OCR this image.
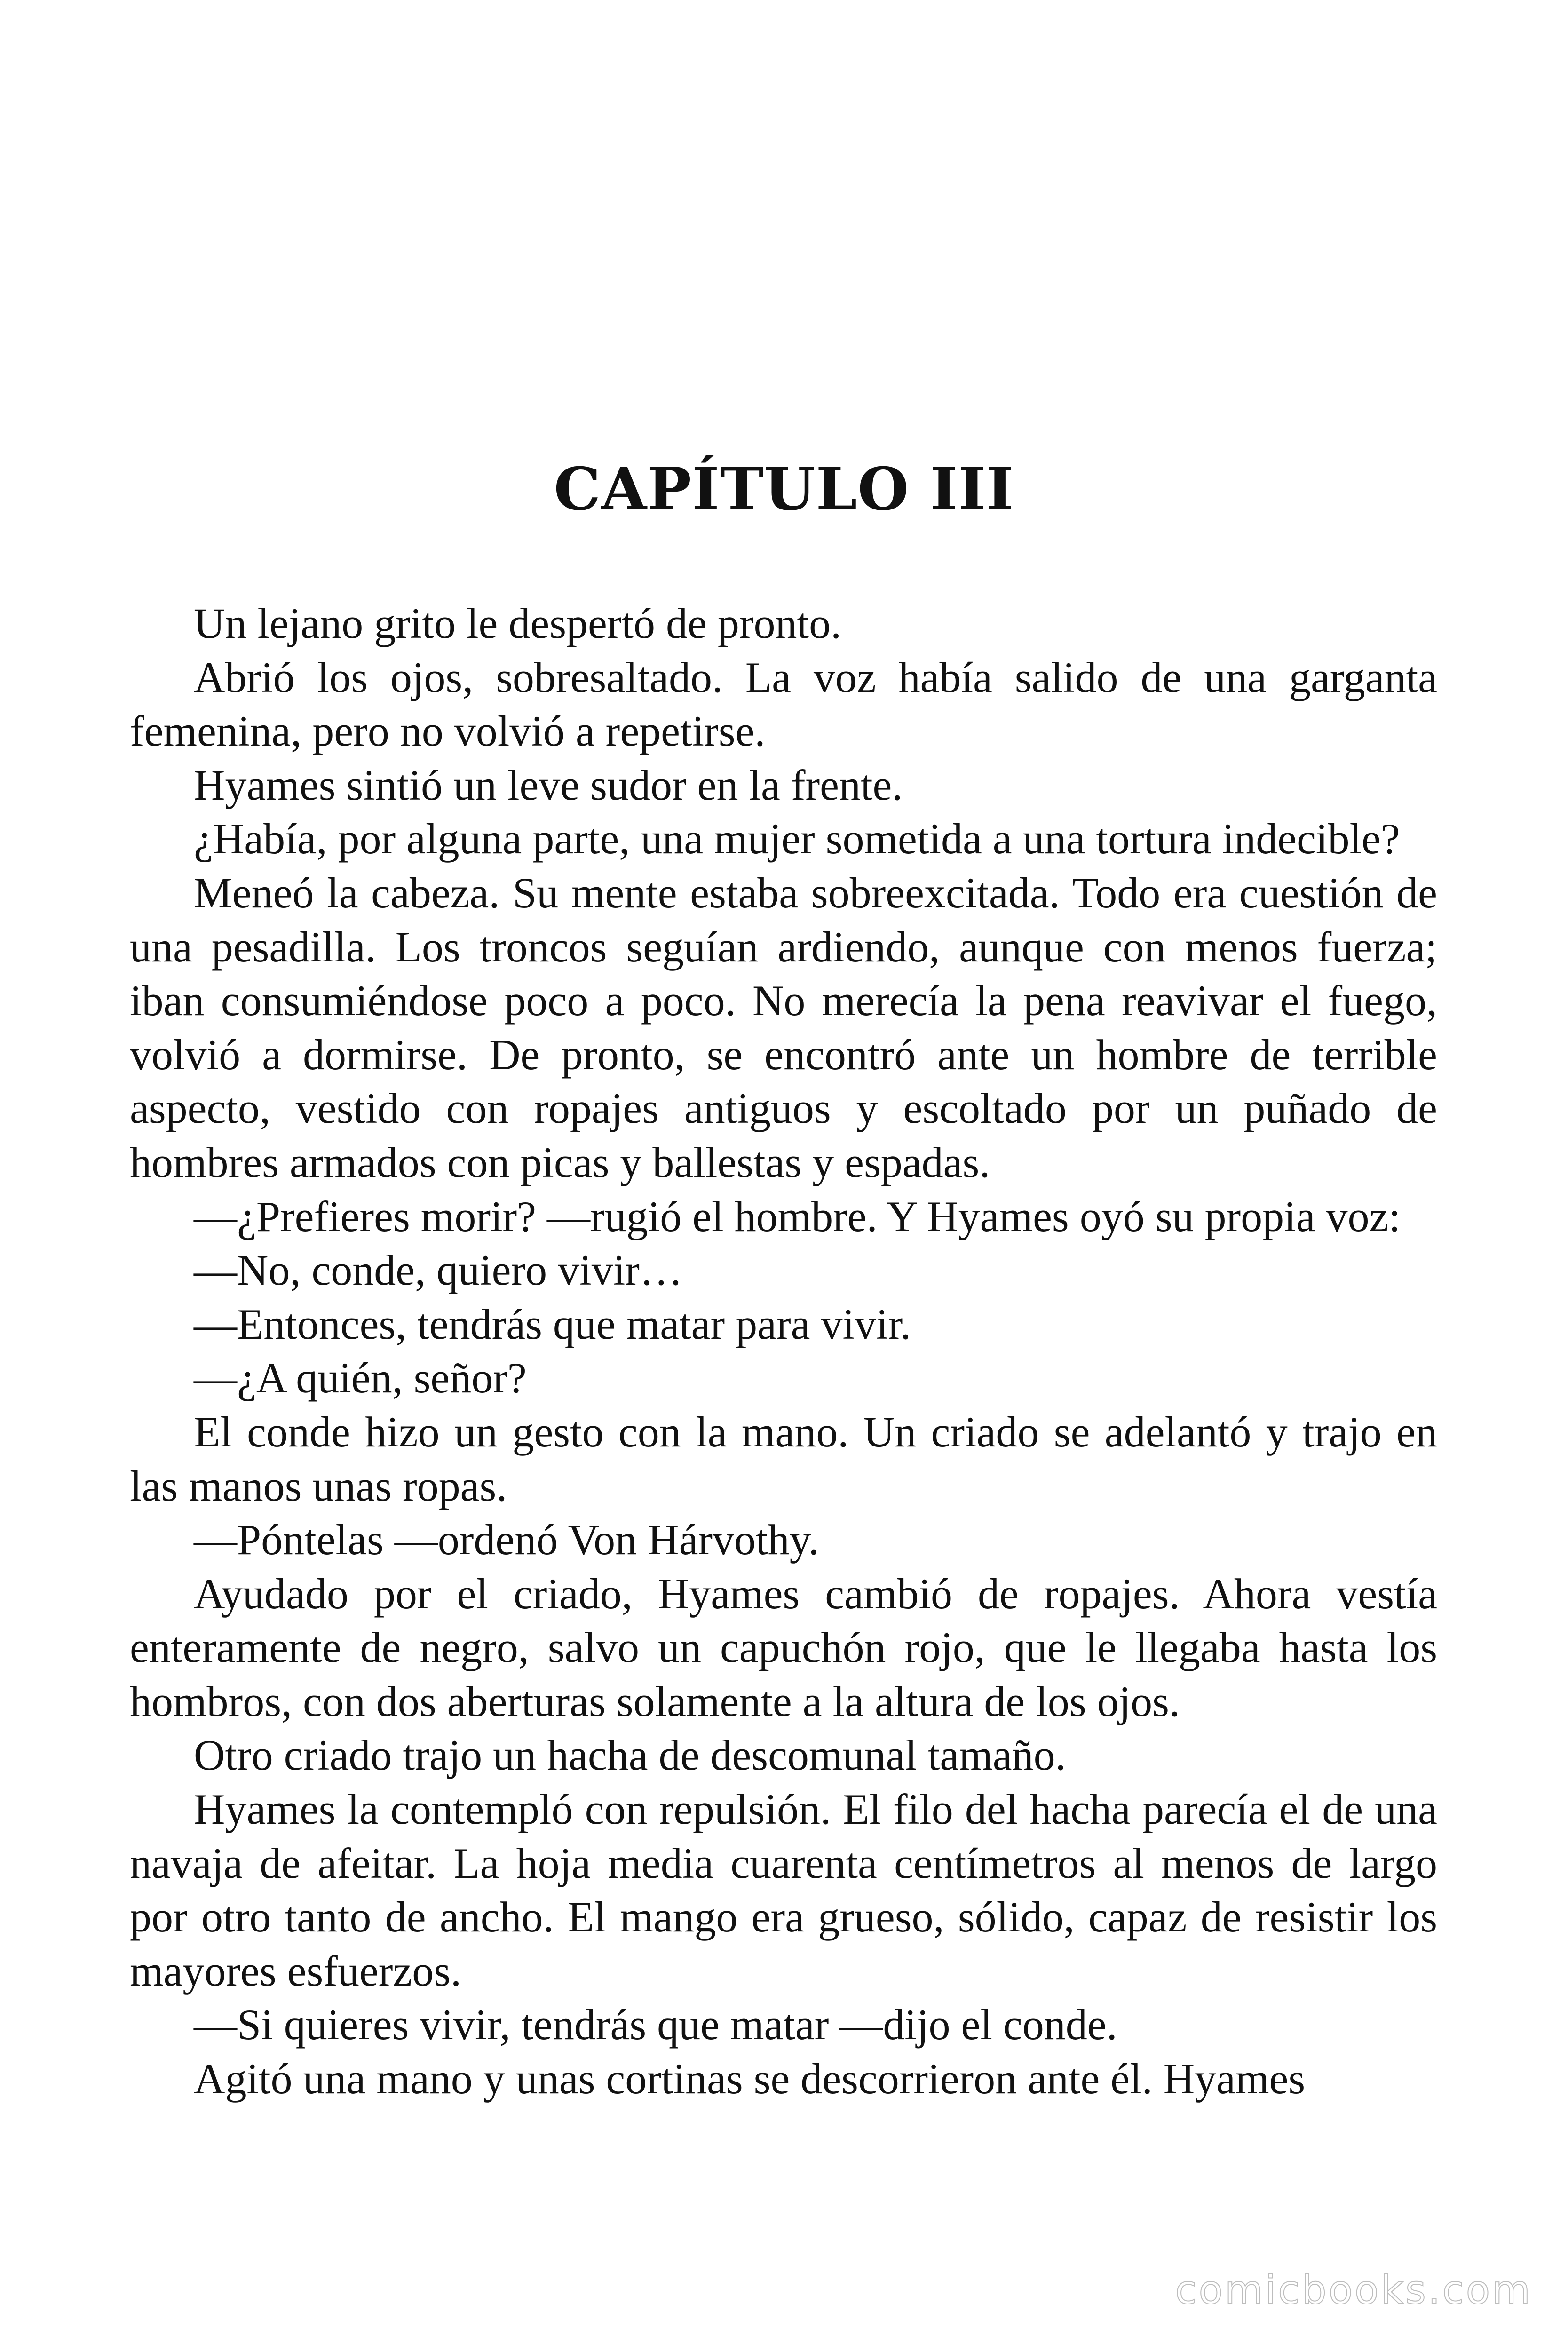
CAPÍTULO III

Un lejano grito le despertó de pronto.

Abrió los ojos, sobresaltado. La voz había salido de una garganta femenina, pero no volvió a repetirse.

Hyames sintió un leve sudor en la frente.

¿Había, por alguna parte, una mujer sometida a una tortura indecible?

Meneó la cabeza. Su mente estaba sobreexcitada. Todo era cuestión de una pesadilla. Los troncos seguían ardiendo, aunque con menos fuerza; iban consumiéndose poco a poco. No merecía la pena reavivar el fuego, volvió a dormirse. De pronto, se encontró ante un hombre de terrible aspecto, vestido con ropajes antiguos y escoltado por un puñado de hombres armados con picas y ballestas y espadas.

—¿Prefieres morir? —rugió el hombre. Y Hyames oyó su propia voz:

—No, conde, quiero vivir…

—Entonces, tendrás que matar para vivir.

—¿A quién, señor?

El conde hizo un gesto con la mano. Un criado se adelantó y trajo en las manos unas ropas.

—Póntelas —ordenó Von Hárvothy.

Ayudado por el criado, Hyames cambió de ropajes. Ahora vestía enteramente de negro, salvo un capuchón rojo, que le llegaba hasta los hombros, con dos aberturas solamente a la altura de los ojos.

Otro criado trajo un hacha de descomunal tamaño.

Hyames la contempló con repulsión. El filo del hacha parecía el de una navaja de afeitar. La hoja media cuarenta centímetros al menos de largo por otro tanto de ancho. El mango era grueso, sólido, capaz de resistir los mayores esfuerzos.

—Si quieres vivir, tendrás que matar —dijo el conde.

Agitó una mano y unas cortinas se descorrieron ante él. Hyames

comicbooks.com
